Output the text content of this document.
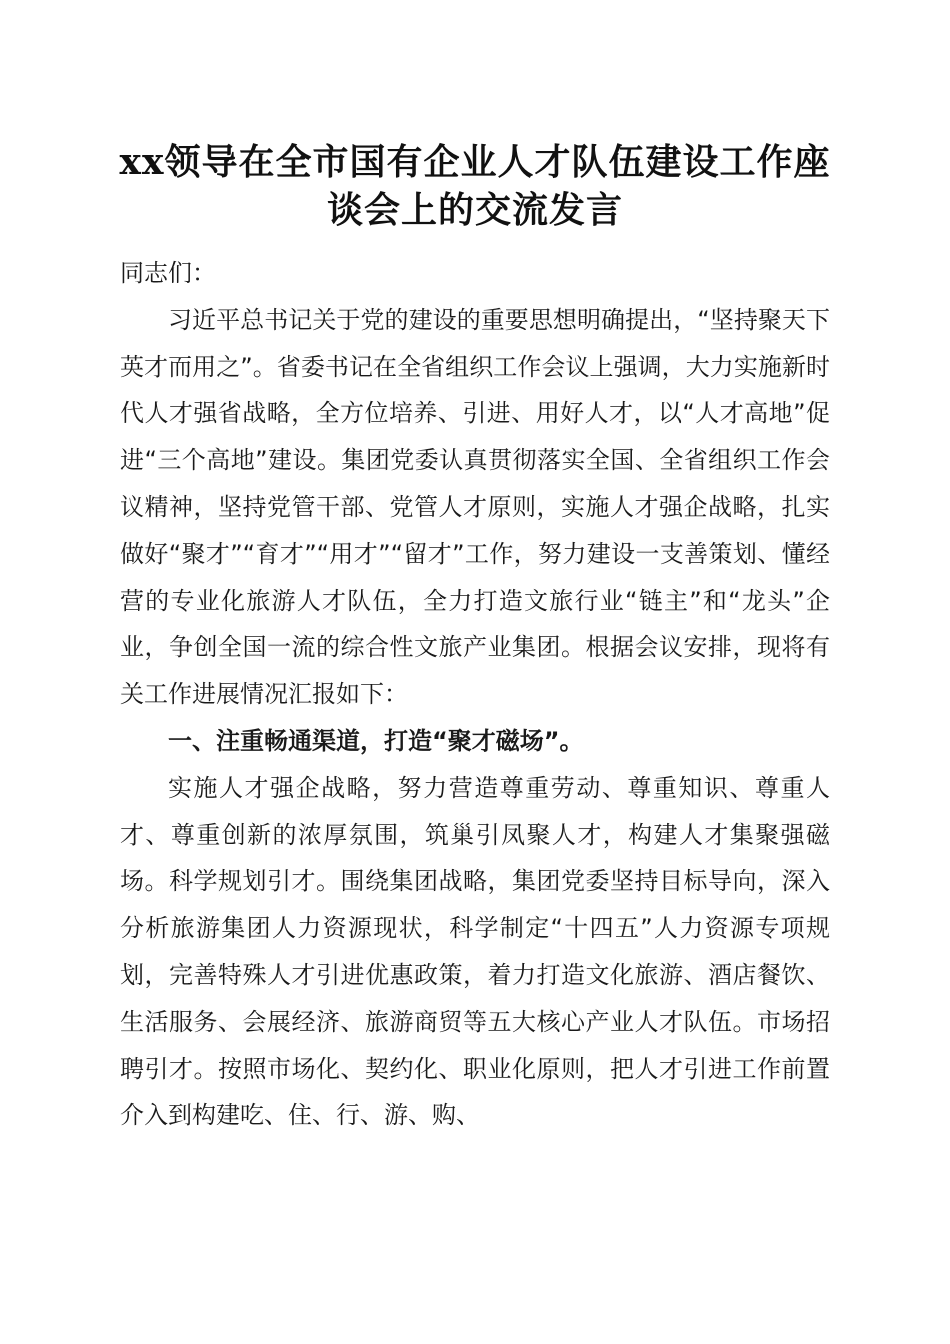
xx领导在全市国有企业人才队伍建设工作座
谈会上的交流发言

同志们：

习近平总书记关于党的建设的重要思想明确提出，“坚持聚天下英才而用之”。省委书记在全省组织工作会议上强调，大力实施新时代人才强省战略，全方位培养、引进、用好人才，以“人才高地”促进“三个高地”建设。集团党委认真贯彻落实全国、全省组织工作会议精神，坚持党管干部、党管人才原则，实施人才强企战略，扎实做好“聚才”“育才”“用才”“留才”工作，努力建设一支善策划、懂经营的专业化旅游人才队伍，全力打造文旅行业“链主”和“龙头”企业，争创全国一流的综合性文旅产业集团。根据会议安排，现将有关工作进展情况汇报如下：

一、注重畅通渠道，打造“聚才磁场”。

实施人才强企战略，努力营造尊重劳动、尊重知识、尊重人才、尊重创新的浓厚氛围，筑巢引凤聚人才，构建人才集聚强磁场。科学规划引才。围绕集团战略，集团党委坚持目标导向，深入分析旅游集团人力资源现状，科学制定“十四五”人力资源专项规划，完善特殊人才引进优惠政策，着力打造文化旅游、酒店餐饮、生活服务、会展经济、旅游商贸等五大核心产业人才队伍。市场招聘引才。按照市场化、契约化、职业化原则，把人才引进工作前置介入到构建吃、住、行、游、购、
